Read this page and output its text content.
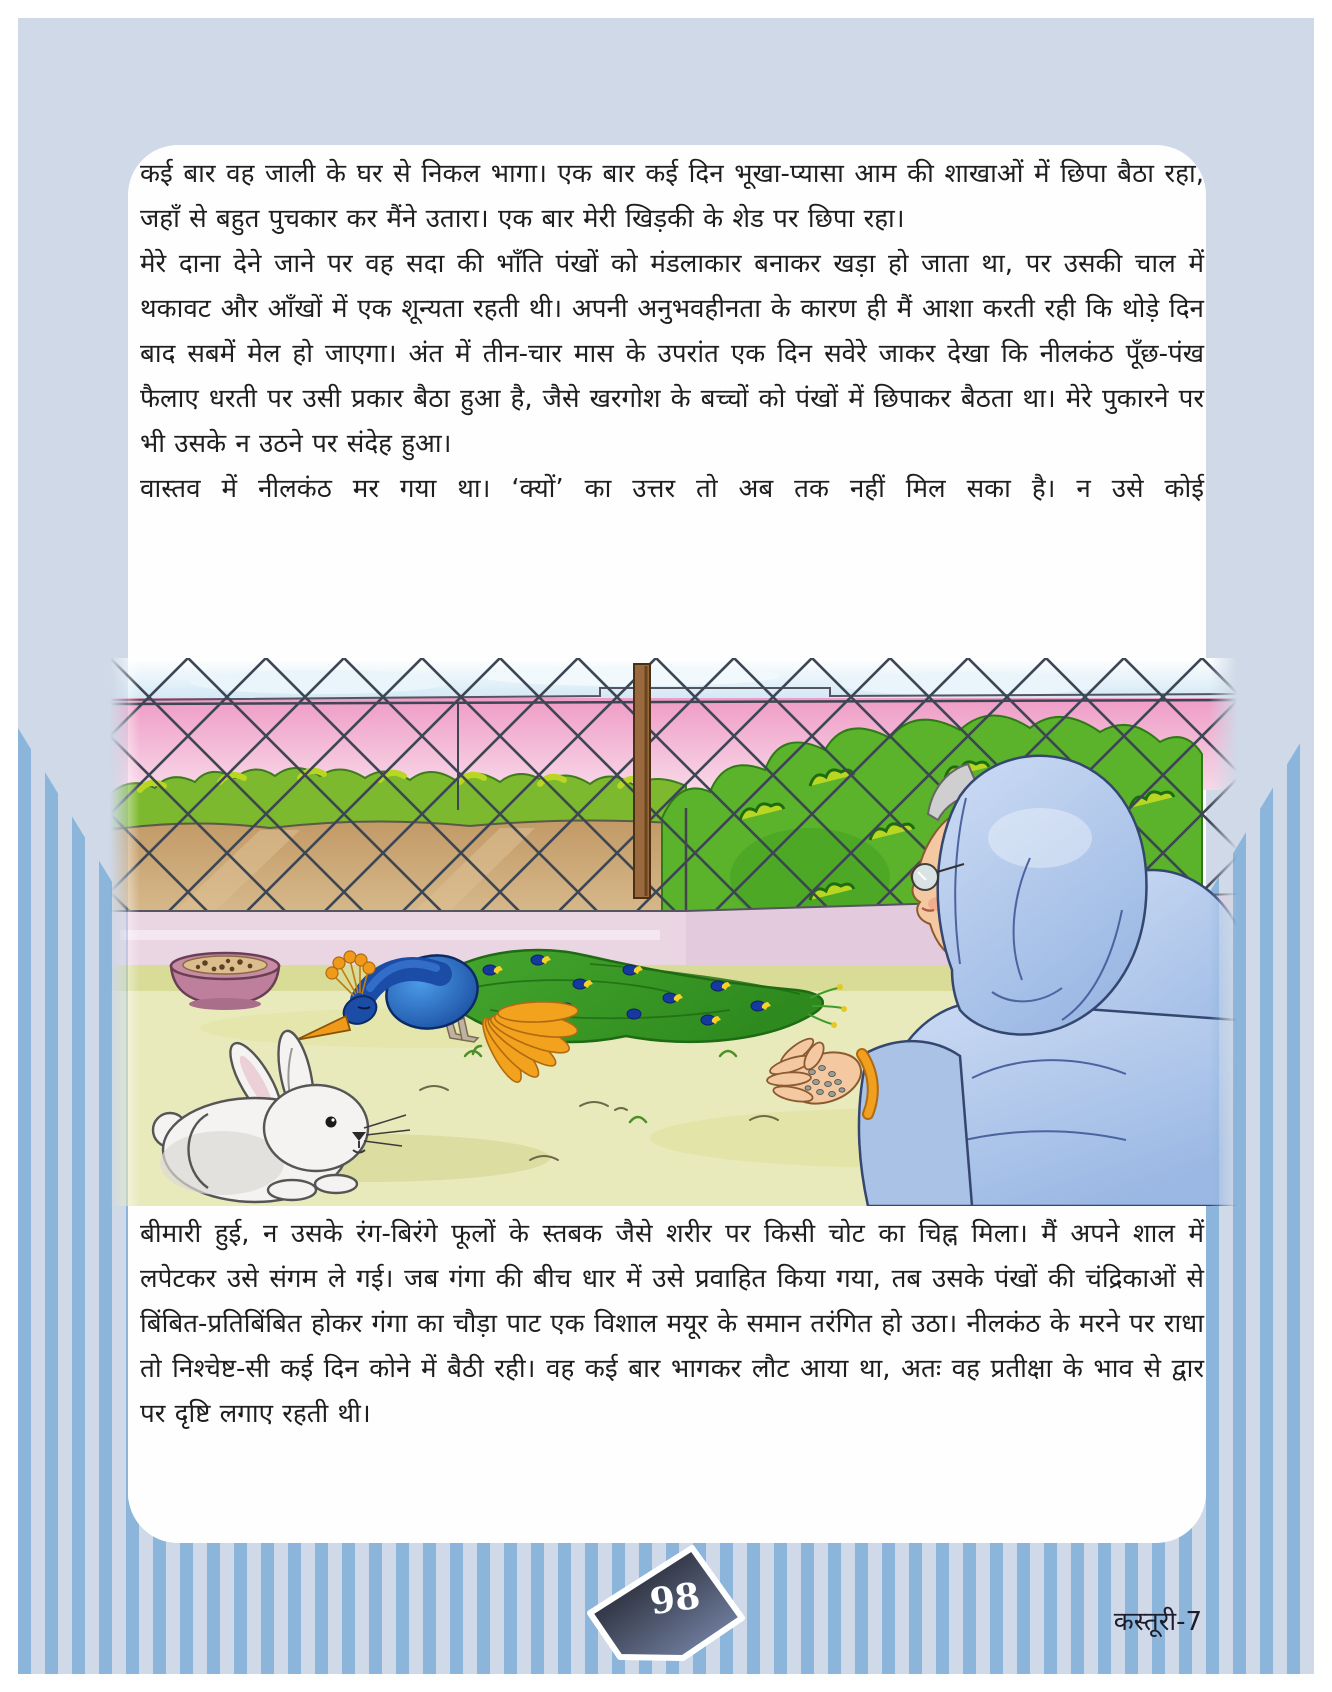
कई बार वह जाली के घर से निकल भागा। एक बार कई दिन भूखा-प्यासा आम की शाखाओं में छिपा बैठा रहा, जहाँ से बहुत पुचकार कर मैंने उतारा। एक बार मेरी खिड़की के शेड पर छिपा रहा।

मेरे दाना देने जाने पर वह सदा की भाँति पंखों को मंडलाकार बनाकर खड़ा हो जाता था, पर उसकी चाल में थकावट और आँखों में एक शून्यता रहती थी। अपनी अनुभवहीनता के कारण ही मैं आशा करती रही कि थोड़े दिन बाद सबमें मेल हो जाएगा। अंत में तीन-चार मास के उपरांत एक दिन सवेरे जाकर देखा कि नीलकंठ पूँछ-पंख फैलाए धरती पर उसी प्रकार बैठा हुआ है, जैसे खरगोश के बच्चों को पंखों में छिपाकर बैठता था। मेरे पुकारने पर भी उसके न उठने पर संदेह हुआ।

वास्तव में नीलकंठ मर गया था। ‘क्यों’ का उत्तर तो अब तक नहीं मिल सका है। न उसे कोई

बीमारी हुई, न उसके रंग-बिरंगे फूलों के स्तबक जैसे शरीर पर किसी चोट का चिह्न मिला। मैं अपने शाल में लपेटकर उसे संगम ले गई। जब गंगा की बीच धार में उसे प्रवाहित किया गया, तब उसके पंखों की चंद्रिकाओं से बिंबित-प्रतिबिंबित होकर गंगा का चौड़ा पाट एक विशाल मयूर के समान तरंगित हो उठा। नीलकंठ के मरने पर राधा तो निश्चेष्ट-सी कई दिन कोने में बैठी रही। वह कई बार भागकर लौट आया था, अतः वह प्रतीक्षा के भाव से द्वार पर दृष्टि लगाए रहती थी।

98	कस्तूरी-7
